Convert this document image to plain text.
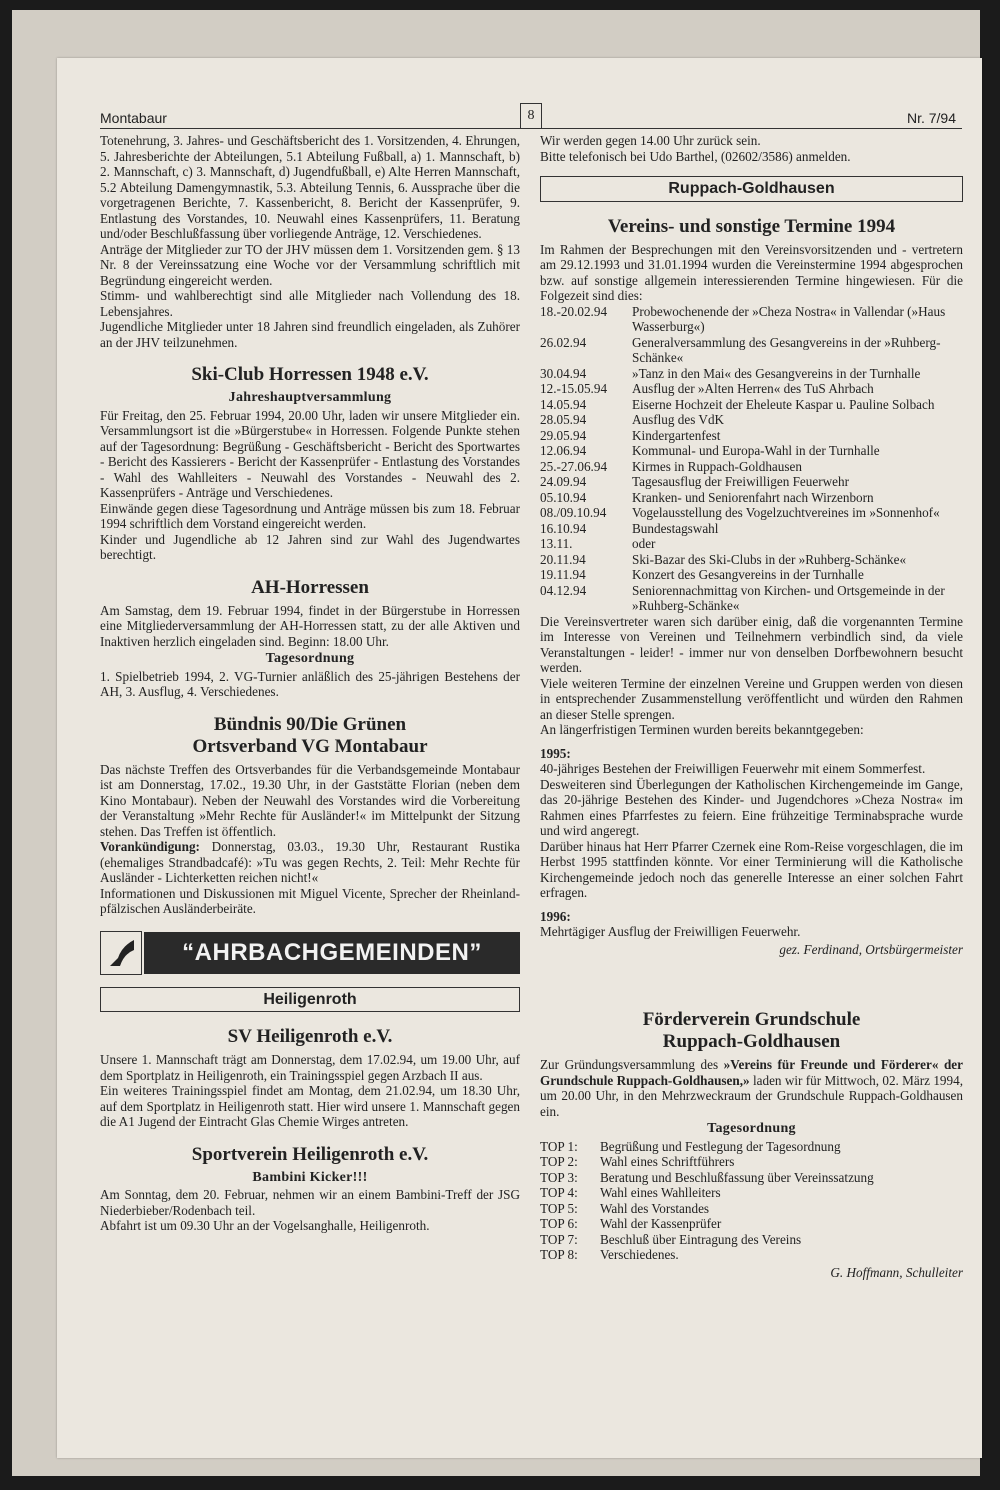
Montabaur	8	Nr. 7/94

Totenehrung, 3. Jahres- und Geschäftsbericht des 1. Vorsitzenden, 4. Ehrungen, 5. Jahresberichte der Abteilungen, 5.1 Abteilung Fußball, a) 1. Mannschaft, b) 2. Mannschaft, c) 3. Mannschaft, d) Jugendfußball, e) Alte Herren Mannschaft, 5.2 Abteilung Damengymnastik, 5.3. Abteilung Tennis, 6. Aussprache über die vorgetragenen Berichte, 7. Kassenbericht, 8. Bericht der Kassenprüfer, 9. Entlastung des Vorstandes, 10. Neuwahl eines Kassenprüfers, 11. Beratung und/oder Beschlußfassung über vorliegende Anträge, 12. Verschiedenes.

Anträge der Mitglieder zur TO der JHV müssen dem 1. Vorsitzenden gem. § 13 Nr. 8 der Vereinssatzung eine Woche vor der Versammlung schriftlich mit Begründung eingereicht werden.

Stimm- und wahlberechtigt sind alle Mitglieder nach Vollendung des 18. Lebensjahres.

Jugendliche Mitglieder unter 18 Jahren sind freundlich eingeladen, als Zuhörer an der JHV teilzunehmen.

Ski-Club Horressen 1948 e.V.
Jahreshauptversammlung

Für Freitag, den 25. Februar 1994, 20.00 Uhr, laden wir unsere Mitglieder ein. Versammlungsort ist die »Bürgerstube« in Horressen. Folgende Punkte stehen auf der Tagesordnung: Begrüßung - Geschäftsbericht - Bericht des Sportwartes - Bericht des Kassierers - Bericht der Kassenprüfer - Entlastung des Vorstandes - Wahl des Wahlleiters - Neuwahl des Vorstandes - Neuwahl des 2. Kassenprüfers - Anträge und Verschiedenes.

Einwände gegen diese Tagesordnung und Anträge müssen bis zum 18. Februar 1994 schriftlich dem Vorstand eingereicht werden.

Kinder und Jugendliche ab 12 Jahren sind zur Wahl des Jugendwartes berechtigt.

AH-Horressen

Am Samstag, dem 19. Februar 1994, findet in der Bürgerstube in Horressen eine Mitgliederversammlung der AH-Horressen statt, zu der alle Aktiven und Inaktiven herzlich eingeladen sind. Beginn: 18.00 Uhr.

Tagesordnung

1. Spielbetrieb 1994, 2. VG-Turnier anläßlich des 25-jährigen Bestehens der AH, 3. Ausflug, 4. Verschiedenes.

Bündnis 90/Die Grünen
Ortsverband VG Montabaur

Das nächste Treffen des Ortsverbandes für die Verbandsgemeinde Montabaur ist am Donnerstag, 17.02., 19.30 Uhr, in der Gaststätte Florian (neben dem Kino Montabaur). Neben der Neuwahl des Vorstandes wird die Vorbereitung der Veranstaltung »Mehr Rechte für Ausländer!« im Mittelpunkt der Sitzung stehen. Das Treffen ist öffentlich.

Vorankündigung: Donnerstag, 03.03., 19.30 Uhr, Restaurant Rustika (ehemaliges Strandbadcafé): »Tu was gegen Rechts, 2. Teil: Mehr Rechte für Ausländer - Lichterketten reichen nicht!«

Informationen und Diskussionen mit Miguel Vicente, Sprecher der Rheinland-pfälzischen Ausländerbeiräte.

“AHRBACHGEMEINDEN”
Heiligenroth
SV Heiligenroth e.V.

Unsere 1. Mannschaft trägt am Donnerstag, dem 17.02.94, um 19.00 Uhr, auf dem Sportplatz in Heiligenroth, ein Trainingsspiel gegen Arzbach II aus.

Ein weiteres Trainingsspiel findet am Montag, dem 21.02.94, um 18.30 Uhr, auf dem Sportplatz in Heiligenroth statt. Hier wird unsere 1. Mannschaft gegen die A1 Jugend der Eintracht Glas Chemie Wirges antreten.

Sportverein Heiligenroth e.V.
Bambini Kicker!!!

Am Sonntag, dem 20. Februar, nehmen wir an einem Bambini-Treff der JSG Niederbieber/Rodenbach teil.

Abfahrt ist um 09.30 Uhr an der Vogelsanghalle, Heiligenroth.

Wir werden gegen 14.00 Uhr zurück sein.

Bitte telefonisch bei Udo Barthel, (02602/3586) anmelden.

Ruppach-Goldhausen
Vereins- und sonstige Termine 1994

Im Rahmen der Besprechungen mit den Vereinsvorsitzenden und - vertretern am 29.12.1993 und 31.01.1994 wurden die Vereinstermine 1994 abgesprochen bzw. auf sonstige allgemein interessierenden Termine hingewiesen. Für die Folgezeit sind dies:

18.-20.02.94	Probewochenende der »Cheza Nostra« in Vallendar (»Haus Wasserburg«)
26.02.94	Generalversammlung des Gesangvereins in der »Ruhberg-Schänke«
30.04.94	»Tanz in den Mai« des Gesangvereins in der Turnhalle
12.-15.05.94	Ausflug der »Alten Herren« des TuS Ahrbach
14.05.94	Eiserne Hochzeit der Eheleute Kaspar u. Pauline Solbach
28.05.94	Ausflug des VdK
29.05.94	Kindergartenfest
12.06.94	Kommunal- und Europa-Wahl in der Turnhalle
25.-27.06.94	Kirmes in Ruppach-Goldhausen
24.09.94	Tagesausflug der Freiwilligen Feuerwehr
05.10.94	Kranken- und Seniorenfahrt nach Wirzenborn
08./09.10.94	Vogelausstellung des Vogelzuchtvereines im »Sonnenhof«
16.10.94	Bundestagswahl
13.11.	oder
20.11.94	Ski-Bazar des Ski-Clubs in der »Ruhberg-Schänke«
19.11.94	Konzert des Gesangvereins in der Turnhalle
04.12.94	Seniorennachmittag von Kirchen- und Ortsgemeinde in der »Ruhberg-Schänke«

Die Vereinsvertreter waren sich darüber einig, daß die vorgenannten Termine im Interesse von Vereinen und Teilnehmern verbindlich sind, da viele Veranstaltungen - leider! - immer nur von denselben Dorfbewohnern besucht werden.

Viele weiteren Termine der einzelnen Vereine und Gruppen werden von diesen in entsprechender Zusammenstellung veröffentlicht und würden den Rahmen an dieser Stelle sprengen.

An längerfristigen Terminen wurden bereits bekanntgegeben:

1995:

40-jähriges Bestehen der Freiwilligen Feuerwehr mit einem Sommerfest.

Desweiteren sind Überlegungen der Katholischen Kirchengemeinde im Gange, das 20-jährige Bestehen des Kinder- und Jugendchores »Cheza Nostra« im Rahmen eines Pfarrfestes zu feiern. Eine frühzeitige Terminabsprache wurde und wird angeregt.

Darüber hinaus hat Herr Pfarrer Czernek eine Rom-Reise vorgeschlagen, die im Herbst 1995 stattfinden könnte. Vor einer Terminierung will die Katholische Kirchengemeinde jedoch noch das generelle Interesse an einer solchen Fahrt erfragen.

1996:

Mehrtägiger Ausflug der Freiwilligen Feuerwehr.

gez. Ferdinand, Ortsbürgermeister
Förderverein Grundschule
Ruppach-Goldhausen

Zur Gründungsversammlung des »Vereins für Freunde und Förderer« der Grundschule Ruppach-Goldhausen,» laden wir für Mittwoch, 02. März 1994, um 20.00 Uhr, in den Mehrzweckraum der Grundschule Ruppach-Goldhausen ein.

Tagesordnung
TOP 1:	Begrüßung und Festlegung der Tagesordnung
TOP 2:	Wahl eines Schriftführers
TOP 3:	Beratung und Beschlußfassung über Vereinssatzung
TOP 4:	Wahl eines Wahlleiters
TOP 5:	Wahl des Vorstandes
TOP 6:	Wahl der Kassenprüfer
TOP 7:	Beschluß über Eintragung des Vereins
TOP 8:	Verschiedenes.
G. Hoffmann, Schulleiter
